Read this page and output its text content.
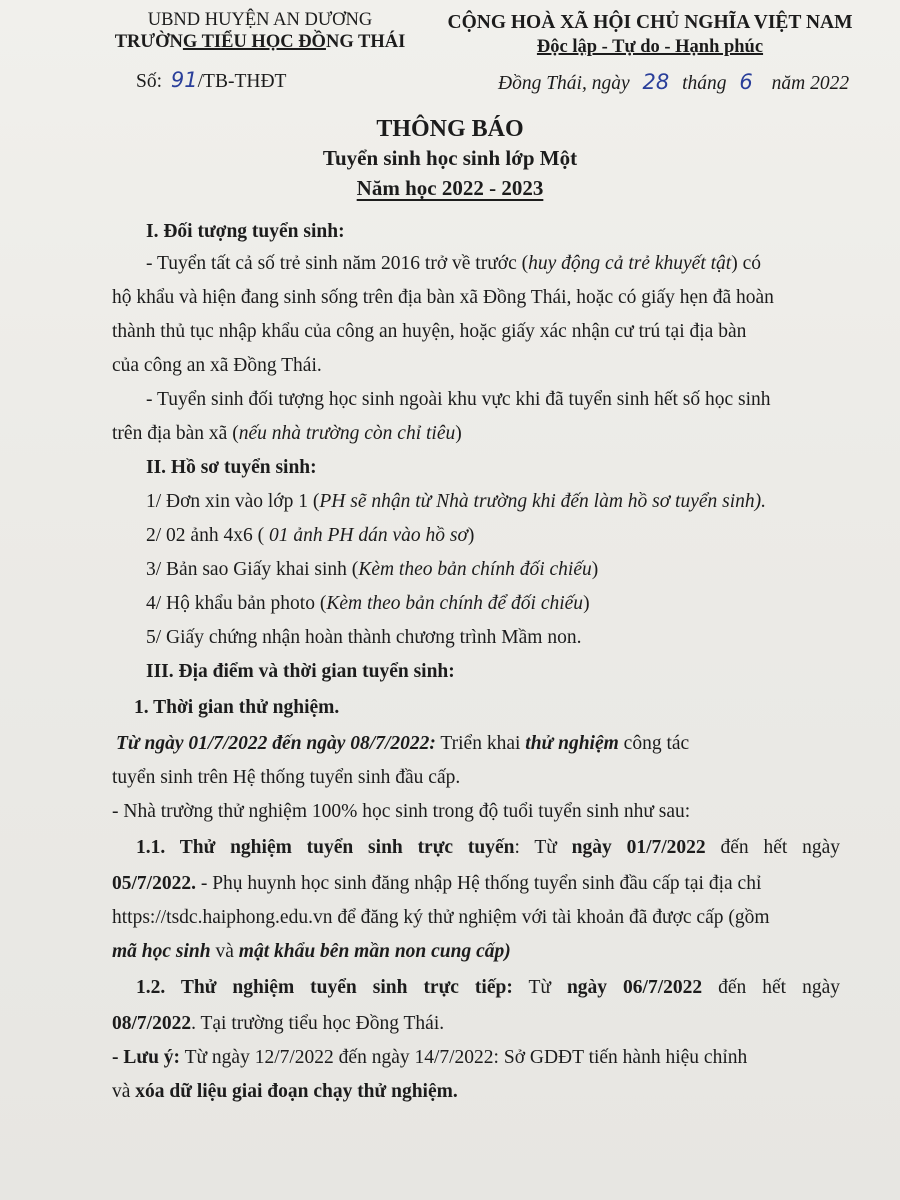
UBND HUYỆN AN DƯƠNG
TRƯỜNG TIỂU HỌC ĐỒNG THÁI
CỘNG HOÀ XÃ HỘI CHỦ NGHĨA VIỆT NAM
Độc lập - Tự do - Hạnh phúc
Số: 91/TB-THĐT	Đồng Thái, ngày 28 tháng 6 năm 2022
THÔNG BÁO
Tuyển sinh học sinh lớp Một
Năm học 2022 - 2023
I. Đối tượng tuyển sinh:
- Tuyển tất cả số trẻ sinh năm 2016 trở về trước (huy động cả trẻ khuyết tật) có
hộ khẩu và hiện đang sinh sống trên địa bàn xã Đồng Thái, hoặc có giấy hẹn đã hoàn
thành thủ tục nhập khẩu của công an huyện, hoặc giấy xác nhận cư trú tại địa bàn
của công an xã Đồng Thái.
- Tuyển sinh đối tượng học sinh ngoài khu vực khi đã tuyển sinh hết số học sinh
trên địa bàn xã (nếu nhà trường còn chỉ tiêu)
II. Hồ sơ tuyển sinh:
1/ Đơn xin vào lớp 1 (PH sẽ nhận từ Nhà trường khi đến làm hồ sơ tuyển sinh).
2/ 02 ảnh 4x6 ( 01 ảnh PH dán vào hồ sơ)
3/ Bản sao Giấy khai sinh (Kèm theo bản chính đối chiếu)
4/ Hộ khẩu bản photo (Kèm theo bản chính để đối chiếu)
5/ Giấy chứng nhận hoàn thành chương trình Mầm non.
III. Địa điểm và thời gian tuyển sinh:
1. Thời gian thử nghiệm.
Từ ngày 01/7/2022 đến ngày 08/7/2022: Triển khai thử nghiệm công tác
tuyển sinh trên Hệ thống tuyển sinh đầu cấp.
- Nhà trường thử nghiệm 100% học sinh trong độ tuổi tuyển sinh như sau:
1.1. Thử nghiệm tuyển sinh trực tuyến: Từ ngày 01/7/2022 đến hết ngày
05/7/2022. - Phụ huynh học sinh đăng nhập Hệ thống tuyển sinh đầu cấp tại địa chỉ
https://tsdc.haiphong.edu.vn để đăng ký thử nghiệm với tài khoản đã được cấp (gồm
mã học sinh và mật khẩu bên mần non cung cấp)
1.2. Thử nghiệm tuyển sinh trực tiếp: Từ ngày 06/7/2022 đến hết ngày
08/7/2022. Tại trường tiểu học Đồng Thái.
- Lưu ý: Từ ngày 12/7/2022 đến ngày 14/7/2022: Sở GDĐT tiến hành hiệu chỉnh
và xóa dữ liệu giai đoạn chạy thử nghiệm.
